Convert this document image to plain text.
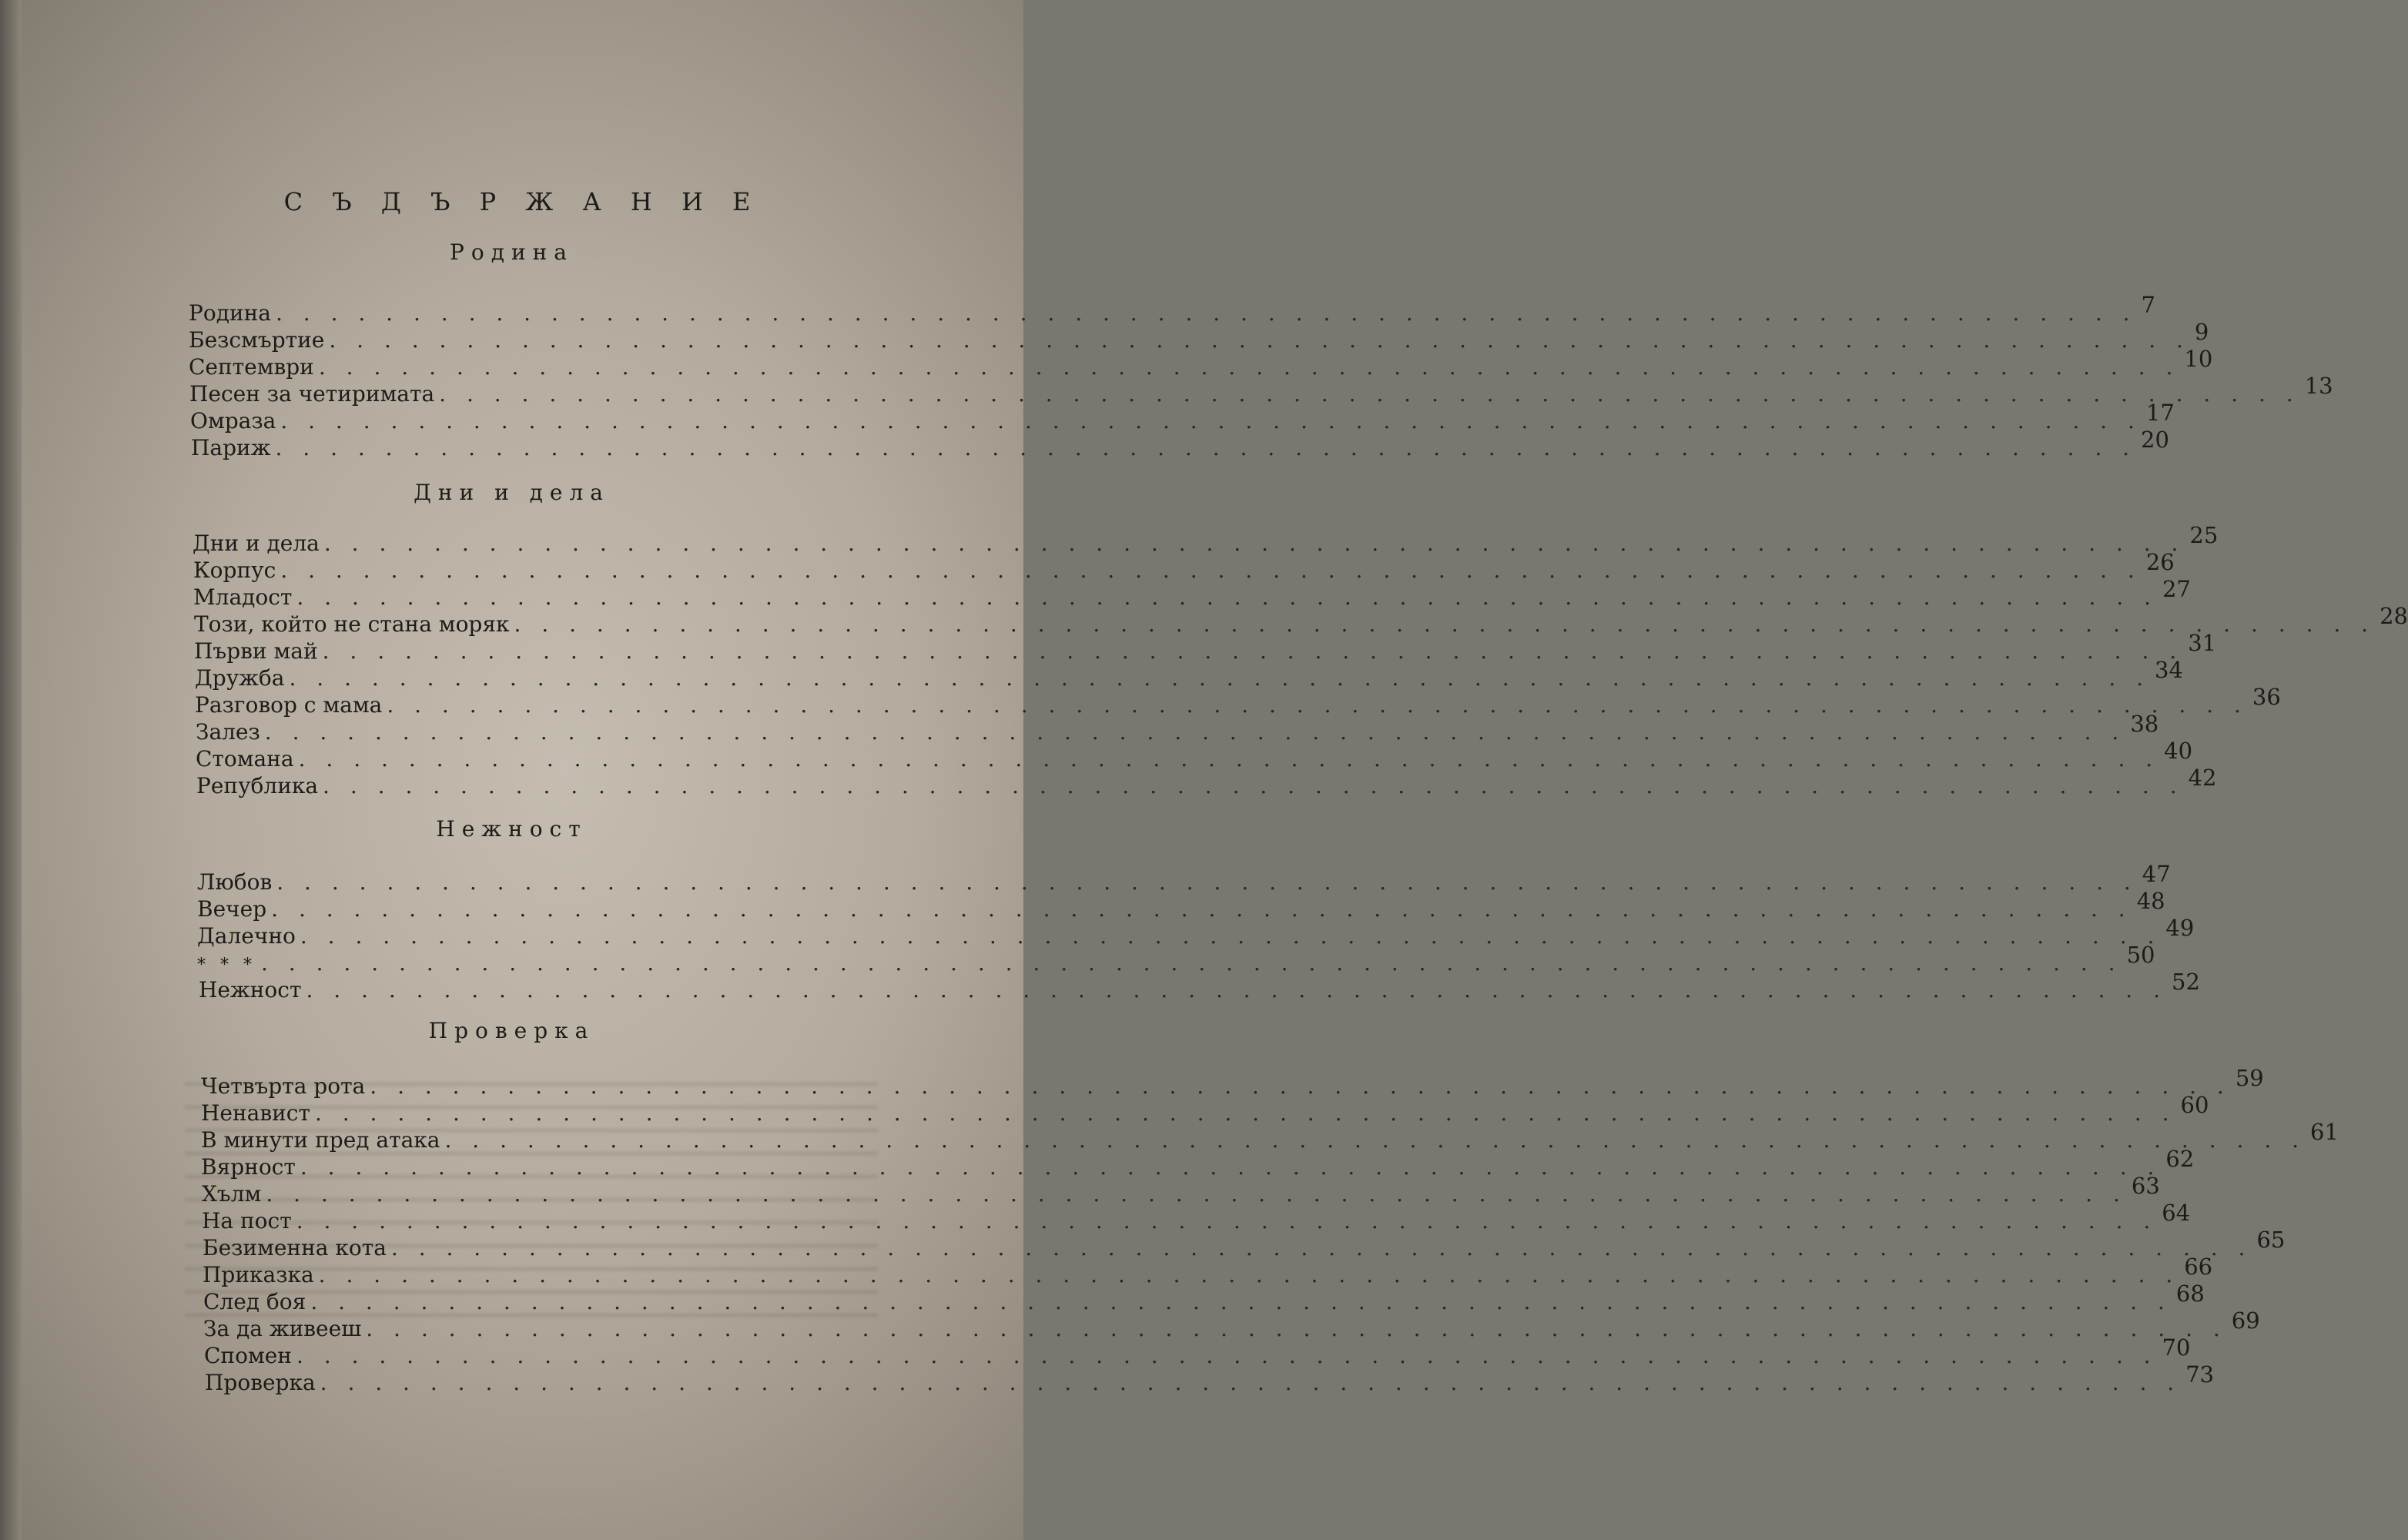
С Ъ Д Ъ Р Ж А Н И Е
Родина
Родина . . . . . . . . . . . . . . . . . . . . . . . . . . . . . . . . . . . . . . . . . . . . . . . . . . . . . . . . . . . . . . . . . . . . 7
Безсмъртие . . . . . . . . . . . . . . . . . . . . . . . . . . . . . . . . . . . . . . . . . . . . . . . . . . . . . . . . . . . . . . . . . . . . 9
Септември . . . . . . . . . . . . . . . . . . . . . . . . . . . . . . . . . . . . . . . . . . . . . . . . . . . . . . . . . . . . . . . . . . . . 10
Песен за четиримата . . . . . . . . . . . . . . . . . . . . . . . . . . . . . . . . . . . . . . . . . . . . . . . . . . . . . . . . . . . . . . . . . . . . 13
Омраза . . . . . . . . . . . . . . . . . . . . . . . . . . . . . . . . . . . . . . . . . . . . . . . . . . . . . . . . . . . . . . . . . . . . 17
Париж . . . . . . . . . . . . . . . . . . . . . . . . . . . . . . . . . . . . . . . . . . . . . . . . . . . . . . . . . . . . . . . . . . . . 20
Дни и дела
Дни и дела . . . . . . . . . . . . . . . . . . . . . . . . . . . . . . . . . . . . . . . . . . . . . . . . . . . . . . . . . . . . . . . . . . . . 25
Корпус . . . . . . . . . . . . . . . . . . . . . . . . . . . . . . . . . . . . . . . . . . . . . . . . . . . . . . . . . . . . . . . . . . . . 26
Младост . . . . . . . . . . . . . . . . . . . . . . . . . . . . . . . . . . . . . . . . . . . . . . . . . . . . . . . . . . . . . . . . . . . . 27
Този, който не стана моряк . . . . . . . . . . . . . . . . . . . . . . . . . . . . . . . . . . . . . . . . . . . . . . . . . . . . . . . . . . . . . . . . . . . . 28
Първи май . . . . . . . . . . . . . . . . . . . . . . . . . . . . . . . . . . . . . . . . . . . . . . . . . . . . . . . . . . . . . . . . . . . . 31
Дружба . . . . . . . . . . . . . . . . . . . . . . . . . . . . . . . . . . . . . . . . . . . . . . . . . . . . . . . . . . . . . . . . . . . . 34
Разговор с мама . . . . . . . . . . . . . . . . . . . . . . . . . . . . . . . . . . . . . . . . . . . . . . . . . . . . . . . . . . . . . . . . . . . . 36
Залез . . . . . . . . . . . . . . . . . . . . . . . . . . . . . . . . . . . . . . . . . . . . . . . . . . . . . . . . . . . . . . . . . . . . 38
Стомана . . . . . . . . . . . . . . . . . . . . . . . . . . . . . . . . . . . . . . . . . . . . . . . . . . . . . . . . . . . . . . . . . . . . 40
Република . . . . . . . . . . . . . . . . . . . . . . . . . . . . . . . . . . . . . . . . . . . . . . . . . . . . . . . . . . . . . . . . . . . . 42
Нежност
Любов . . . . . . . . . . . . . . . . . . . . . . . . . . . . . . . . . . . . . . . . . . . . . . . . . . . . . . . . . . . . . . . . . . . . 47
Вечер . . . . . . . . . . . . . . . . . . . . . . . . . . . . . . . . . . . . . . . . . . . . . . . . . . . . . . . . . . . . . . . . . . . . 48
Далечно . . . . . . . . . . . . . . . . . . . . . . . . . . . . . . . . . . . . . . . . . . . . . . . . . . . . . . . . . . . . . . . . . . . . 49
* * * . . . . . . . . . . . . . . . . . . . . . . . . . . . . . . . . . . . . . . . . . . . . . . . . . . . . . . . . . . . . . . . . . . . . 50
Нежност . . . . . . . . . . . . . . . . . . . . . . . . . . . . . . . . . . . . . . . . . . . . . . . . . . . . . . . . . . . . . . . . . . . . 52
Проверка
Четвърта рота . . . . . . . . . . . . . . . . . . . . . . . . . . . . . . . . . . . . . . . . . . . . . . . . . . . . . . . . . . . . . . . . . . . . 59
Ненавист . . . . . . . . . . . . . . . . . . . . . . . . . . . . . . . . . . . . . . . . . . . . . . . . . . . . . . . . . . . . . . . . . . . . 60
В минути пред атака . . . . . . . . . . . . . . . . . . . . . . . . . . . . . . . . . . . . . . . . . . . . . . . . . . . . . . . . . . . . . . . . . . . . 61
Вярност . . . . . . . . . . . . . . . . . . . . . . . . . . . . . . . . . . . . . . . . . . . . . . . . . . . . . . . . . . . . . . . . . . . . 62
Хълм . . . . . . . . . . . . . . . . . . . . . . . . . . . . . . . . . . . . . . . . . . . . . . . . . . . . . . . . . . . . . . . . . . . . 63
На пост . . . . . . . . . . . . . . . . . . . . . . . . . . . . . . . . . . . . . . . . . . . . . . . . . . . . . . . . . . . . . . . . . . . . 64
Безименна кота . . . . . . . . . . . . . . . . . . . . . . . . . . . . . . . . . . . . . . . . . . . . . . . . . . . . . . . . . . . . . . . . . . . . 65
Приказка . . . . . . . . . . . . . . . . . . . . . . . . . . . . . . . . . . . . . . . . . . . . . . . . . . . . . . . . . . . . . . . . . . . . 66
След боя . . . . . . . . . . . . . . . . . . . . . . . . . . . . . . . . . . . . . . . . . . . . . . . . . . . . . . . . . . . . . . . . . . . . 68
За да живееш . . . . . . . . . . . . . . . . . . . . . . . . . . . . . . . . . . . . . . . . . . . . . . . . . . . . . . . . . . . . . . . . . . . . 69
Спомен . . . . . . . . . . . . . . . . . . . . . . . . . . . . . . . . . . . . . . . . . . . . . . . . . . . . . . . . . . . . . . . . . . . . 70
Проверка . . . . . . . . . . . . . . . . . . . . . . . . . . . . . . . . . . . . . . . . . . . . . . . . . . . . . . . . . . . . . . . . . . . . 73
